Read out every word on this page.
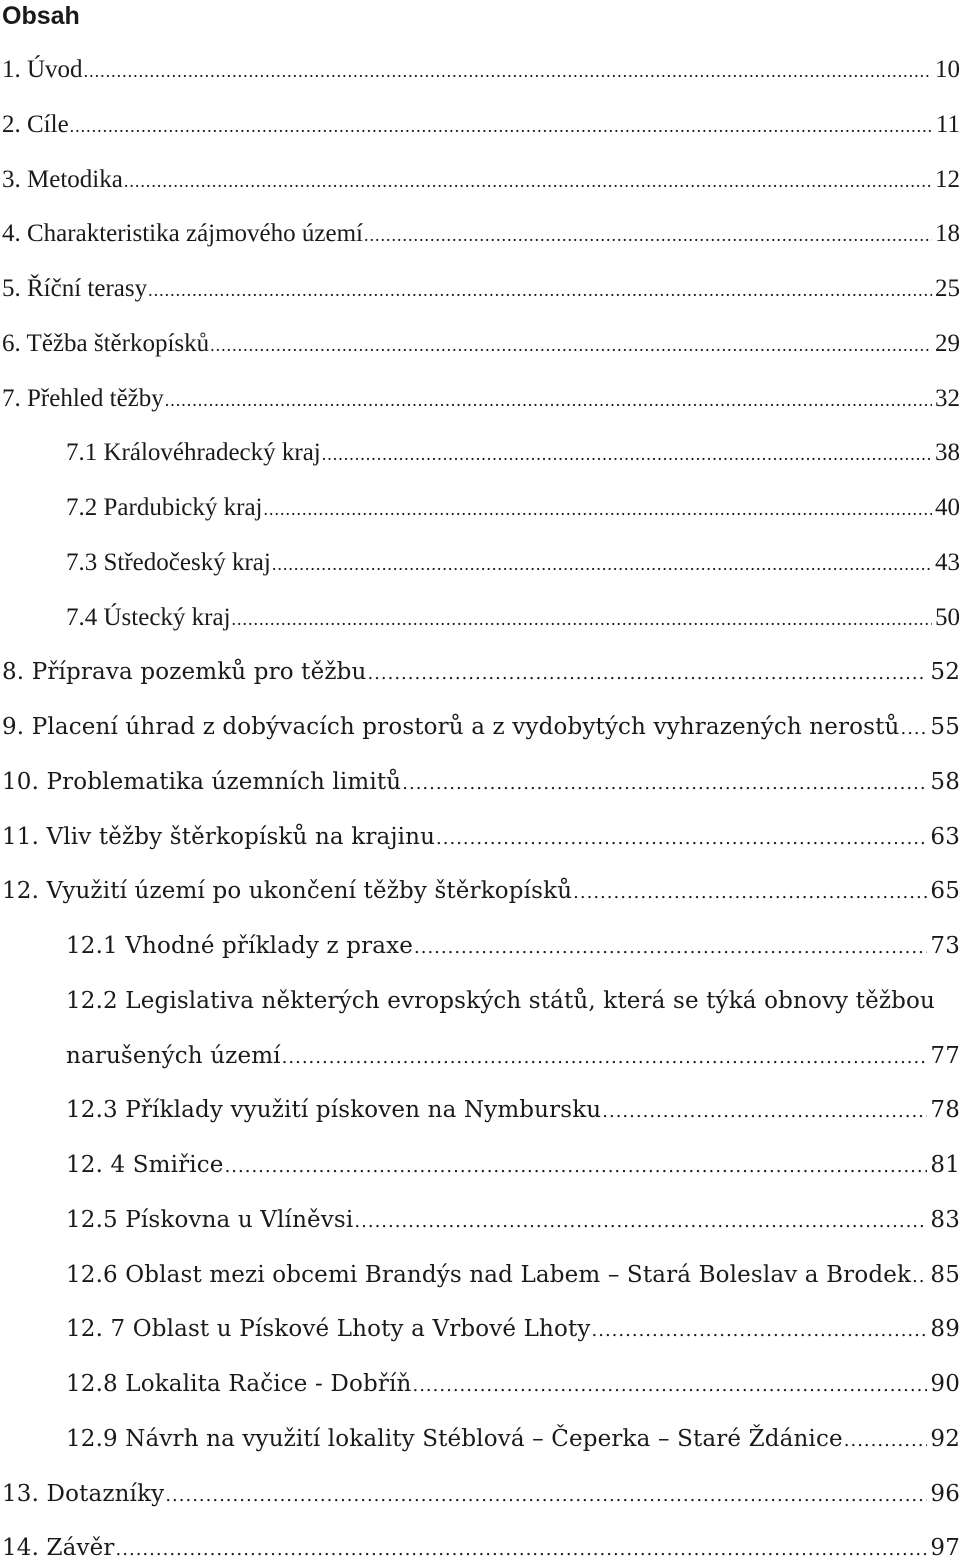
Obsah
1. Úvod .....	10
2. Cíle .....	11
3. Metodika .....	12
4. Charakteristika zájmového území .....	18
5. Říční terasy .....	25
6. Těžba štěrkopísků .....	29
7. Přehled těžby .....	32
7.1 Královéhradecký kraj .....	38
7.2 Pardubický kraj .....	40
7.3 Středočeský kraj .....	43
7.4 Ústecký kraj .....	50
8. Příprava pozemků pro těžbu .....	52
9. Placení úhrad z dobývacích prostorů a z vydobytých vyhrazených nerostů ..... 55
10. Problematika územních limitů .....	58
11. Vliv těžby štěrkopísků na krajinu .....	63
12. Využití území po ukončení těžby štěrkopísků .....	65
12.1 Vhodné příklady z praxe .....	73
12.2 Legislativa některých evropských států, která se týká obnovy těžbou
narušených území .....	77
12.3 Příklady využití pískoven na Nymbursku .....	78
12. 4 Smiřice .....	81
12.5 Pískovna u Vlíněvsi .....	83
12.6 Oblast mezi obcemi Brandýs nad Labem – Stará Boleslav a Brodek ..... 85
12. 7 Oblast u Pískové Lhoty a Vrbové Lhoty .....	89
12.8 Lokalita Račice - Dobříň .....	90
12.9 Návrh na využití lokality Stéblová – Čeperka – Staré Ždánice .....	92
13. Dotazníky .....	96
14. Závěr .....	97
